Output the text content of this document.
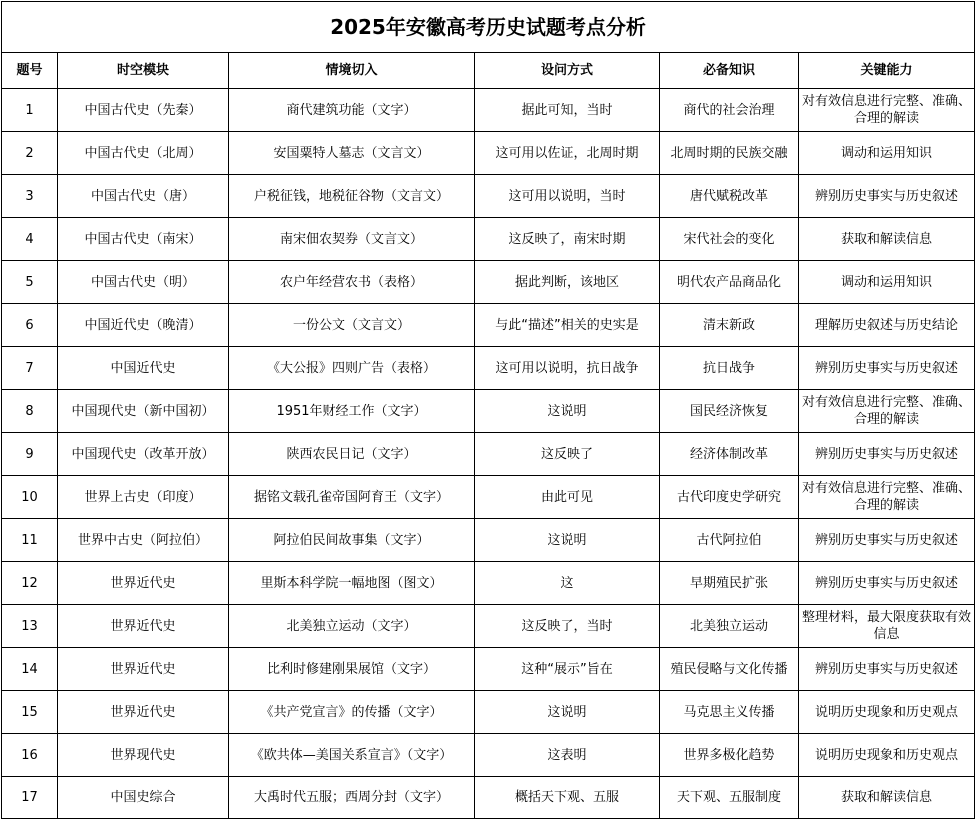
2025年安徽高考历史试题考点分析					
题号	时空模块	情境切入	设问方式	必备知识	关键能力
1	中国古代史（先秦）	商代建筑功能（文字）	据此可知，当时	商代的社会治理	对有效信息进行完整、准确、合理的解读
2	中国古代史（北周）	安国粟特人墓志（文言文）	这可用以佐证，北周时期	北周时期的民族交融	调动和运用知识
3	中国古代史（唐）	户税征钱，地税征谷物（文言文）	这可用以说明，当时	唐代赋税改革	辨别历史事实与历史叙述
4	中国古代史（南宋）	南宋佃农契券（文言文）	这反映了，南宋时期	宋代社会的变化	获取和解读信息
5	中国古代史（明）	农户年经营农书（表格）	据此判断，该地区	明代农产品商品化	调动和运用知识
6	中国近代史（晚清）	一份公文（文言文）	与此“描述”相关的史实是	清末新政	理解历史叙述与历史结论
7	中国近代史	《大公报》四则广告（表格）	这可用以说明，抗日战争	抗日战争	辨别历史事实与历史叙述
8	中国现代史（新中国初）	1951年财经工作（文字）	这说明	国民经济恢复	对有效信息进行完整、准确、合理的解读
9	中国现代史（改革开放）	陕西农民日记（文字）	这反映了	经济体制改革	辨别历史事实与历史叙述
10	世界上古史（印度）	据铭文载孔雀帝国阿育王（文字）	由此可见	古代印度史学研究	对有效信息进行完整、准确、合理的解读
11	世界中古史（阿拉伯）	阿拉伯民间故事集（文字）	这说明	古代阿拉伯	辨别历史事实与历史叙述
12	世界近代史	里斯本科学院一幅地图（图文）	这	早期殖民扩张	辨别历史事实与历史叙述
13	世界近代史	北美独立运动（文字）	这反映了，当时	北美独立运动	整理材料，最大限度获取有效信息
14	世界近代史	比利时修建刚果展馆（文字）	这种“展示”旨在	殖民侵略与文化传播	辨别历史事实与历史叙述
15	世界近代史	《共产党宣言》的传播（文字）	这说明	马克思主义传播	说明历史现象和历史观点
16	世界现代史	《欧共体—美国关系宣言》（文字）	这表明	世界多极化趋势	说明历史现象和历史观点
17	中国史综合	大禹时代五服；西周分封（文字）	概括天下观、五服	天下观、五服制度	获取和解读信息
